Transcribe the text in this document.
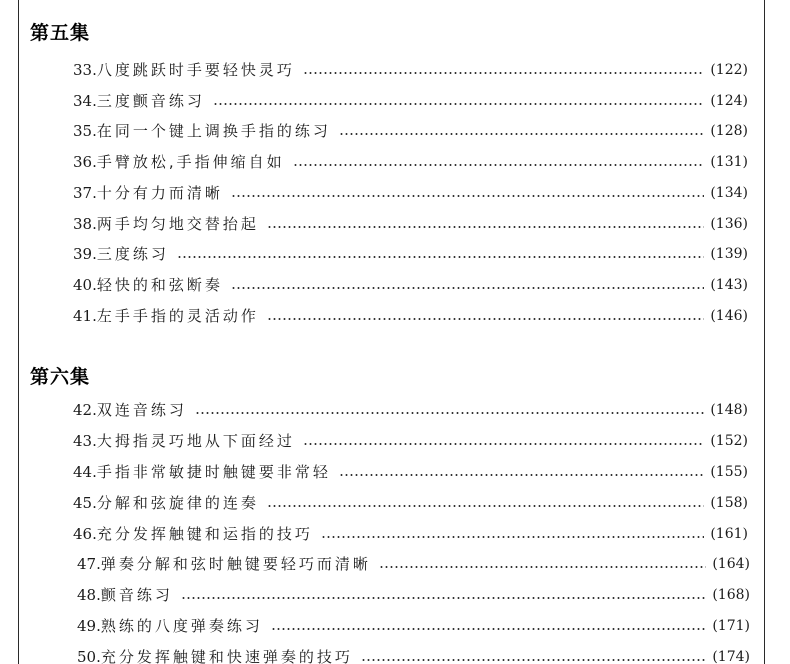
第五集
33. 八度跳跃时手要轻快灵巧	(122)
34. 三度颤音练习	(124)
35. 在同一个键上调换手指的练习	(128)
36. 手臂放松,手指伸缩自如	(131)
37. 十分有力而清晰	(134)
38. 两手均匀地交替抬起	(136)
39. 三度练习	(139)
40. 轻快的和弦断奏	(143)
41. 左手手指的灵活动作	(146)
第六集
42. 双连音练习	(148)
43. 大拇指灵巧地从下面经过	(152)
44. 手指非常敏捷时触键要非常轻	(155)
45. 分解和弦旋律的连奏	(158)
46. 充分发挥触键和运指的技巧	(161)
47. 弹奏分解和弦时触键要轻巧而清晰	(164)
48. 颤音练习	(168)
49. 熟练的八度弹奏练习	(171)
50. 充分发挥触键和快速弹奏的技巧	(174)
